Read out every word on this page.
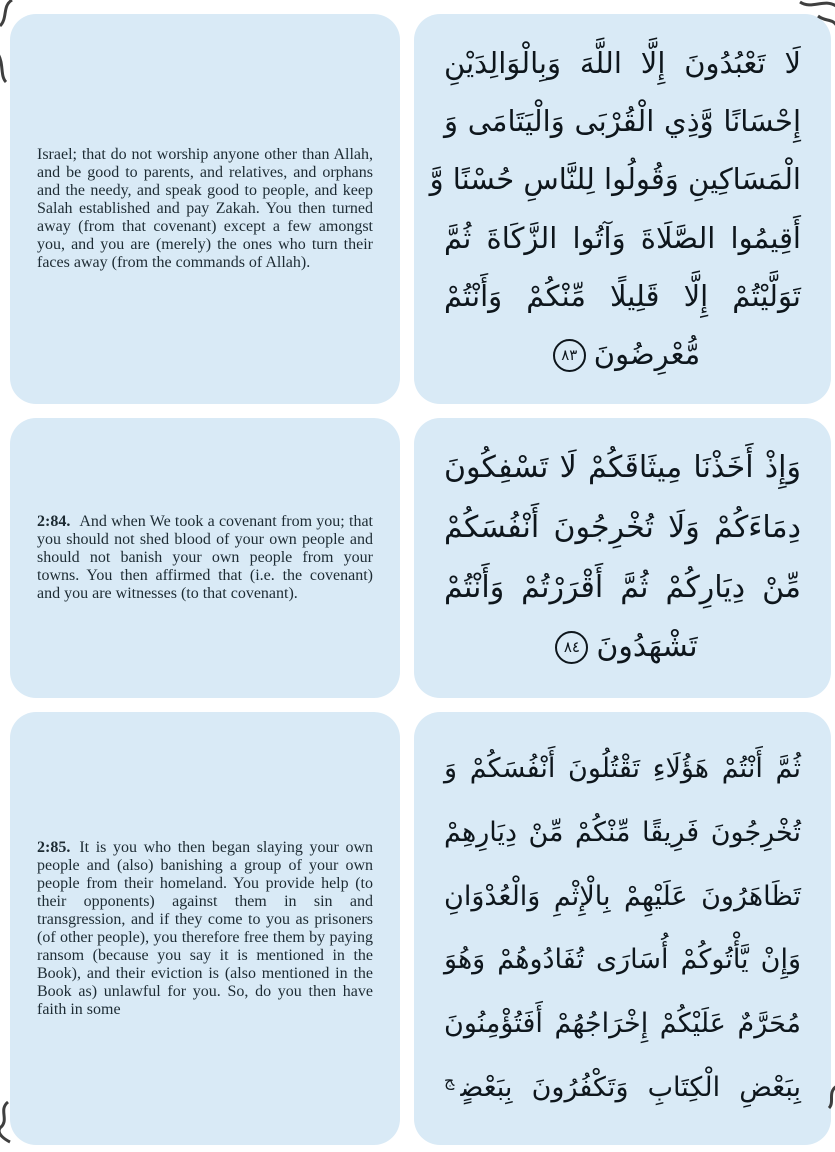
Israel; that do not worship anyone other than Allah, and be good to parents, and relatives, and orphans and the needy, and speak good to people, and keep Salah established and pay Zakah. You then turned away (from that covenant) except a few amongst you, and you are (merely) the ones who turn their faces away (from the commands of Allah).

لَا تَعْبُدُونَ إِلَّا اللَّهَ وَبِالْوَالِدَيْنِ
إِحْسَانًا وَّذِي الْقُرْبَى وَالْيَتَامَى وَ
الْمَسَاكِينِ وَقُولُوا لِلنَّاسِ حُسْنًا وَّ
أَقِيمُوا الصَّلَاةَ وَآتُوا الزَّكَاةَ ثُمَّ
تَوَلَّيْتُمْ إِلَّا قَلِيلًا مِّنْكُمْ وَأَنْتُمْ
مُّعْرِضُونَ٨٣

2:84. And when We took a covenant from you; that you should not shed blood of your own people and should not banish your own people from your towns. You then affirmed that (i.e. the covenant) and you are witnesses (to that covenant).

وَإِذْ أَخَذْنَا مِيثَاقَكُمْ لَا تَسْفِكُونَ
دِمَاءَكُمْ وَلَا تُخْرِجُونَ أَنْفُسَكُمْ
مِّنْ دِيَارِكُمْ ثُمَّ أَقْرَرْتُمْ وَأَنْتُمْ
تَشْهَدُونَ٨٤

2:85. It is you who then began slaying your own people and (also) banishing a group of your own people from their homeland. You provide help (to their opponents) against them in sin and transgression, and if they come to you as prisoners (of other people), you therefore free them by paying ransom (because you say it is mentioned in the Book), and their eviction is (also mentioned in the Book as) unlawful for you. So, do you then have faith in some

ثُمَّ أَنْتُمْ هَؤُلَاءِ تَقْتُلُونَ أَنْفُسَكُمْ وَ
تُخْرِجُونَ فَرِيقًا مِّنْكُمْ مِّنْ دِيَارِهِمْ
تَظَاهَرُونَ عَلَيْهِمْ بِالْإِثْمِ وَالْعُدْوَانِ
وَإِنْ يَّأْتُوكُمْ أُسَارَى تُفَادُوهُمْ وَهُوَ
مُحَرَّمٌ عَلَيْكُمْ إِخْرَاجُهُمْ أَفَتُؤْمِنُونَ
بِبَعْضِ الْكِتَابِ وَتَكْفُرُونَ بِبَعْضٍ$^ج$
